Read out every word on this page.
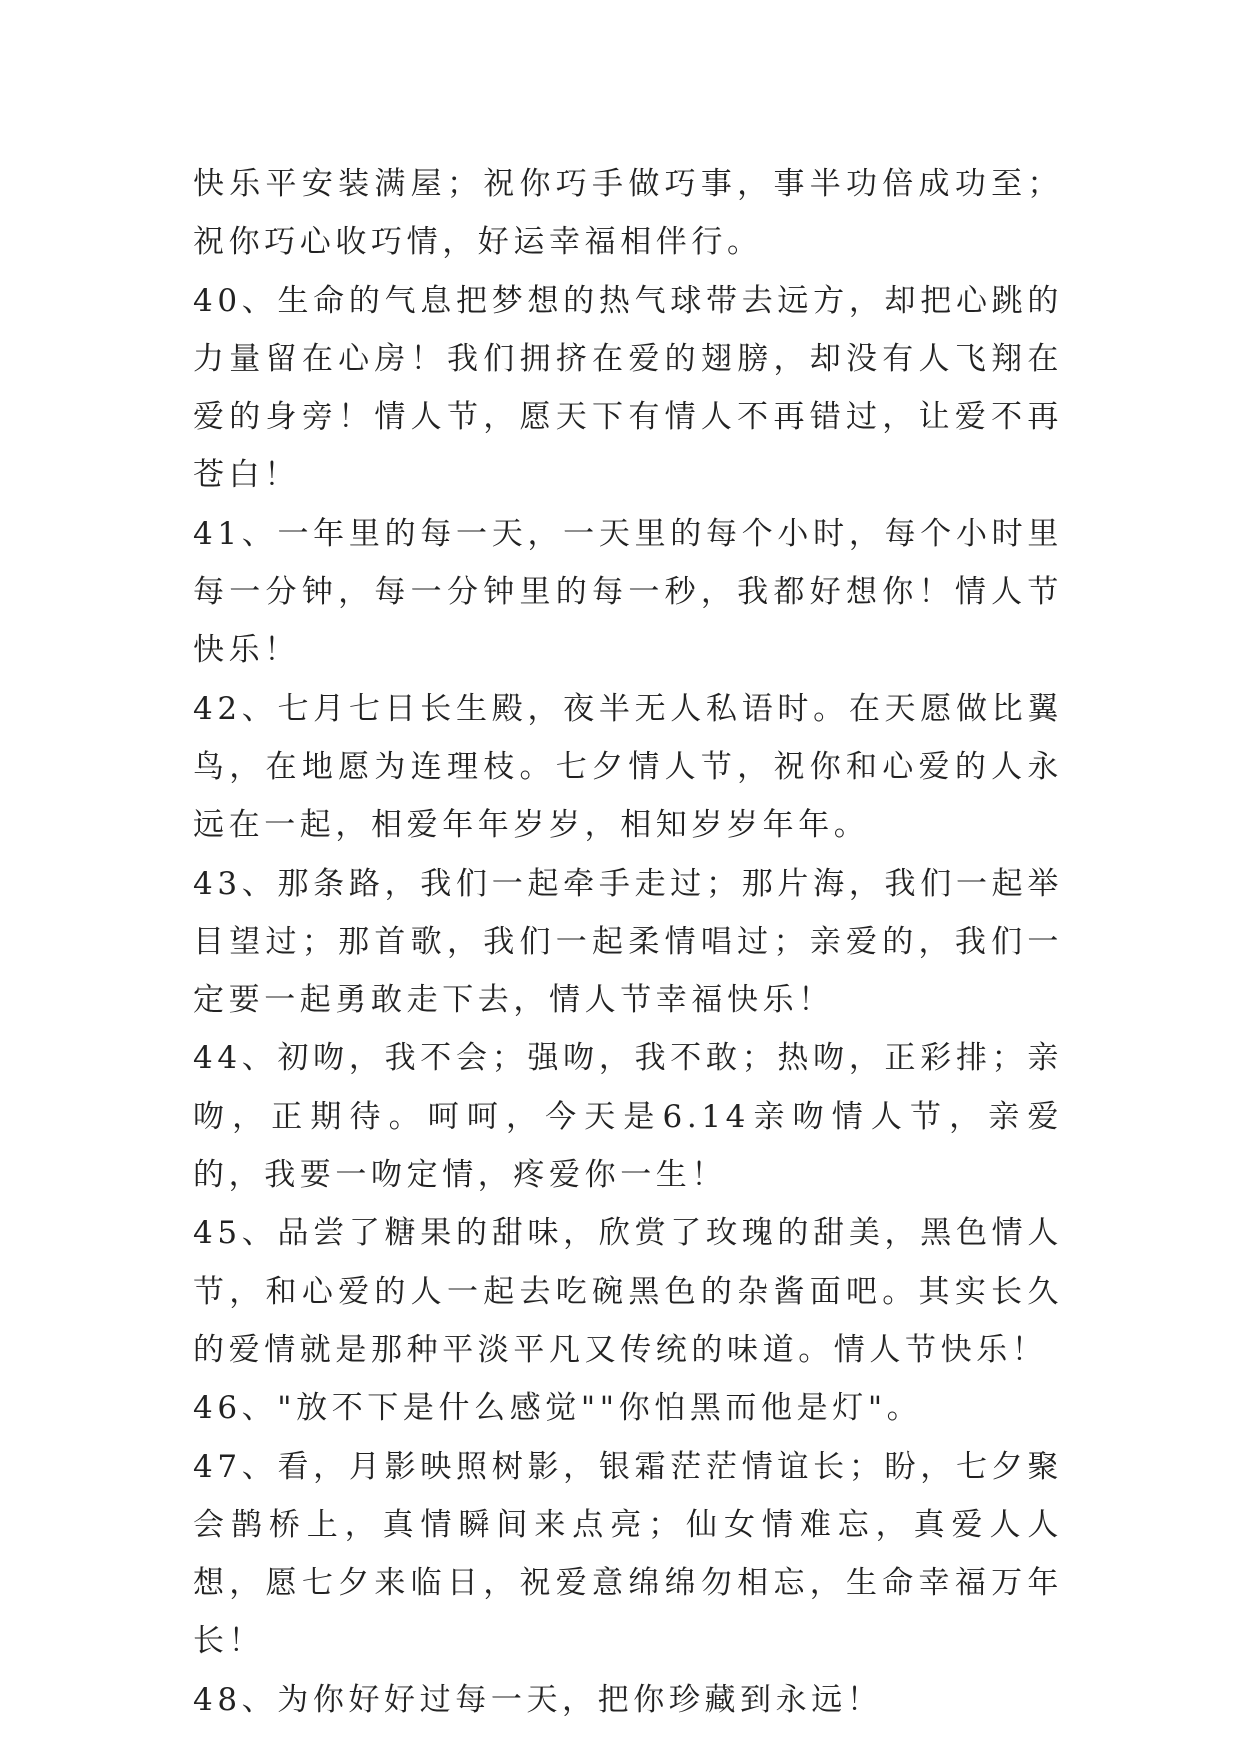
快乐平安装满屋；祝你巧手做巧事，事半功倍成功至；祝你巧心收巧情，好运幸福相伴行。

40、生命的气息把梦想的热气球带去远方，却把心跳的力量留在心房！我们拥挤在爱的翅膀，却没有人飞翔在爱的身旁！情人节，愿天下有情人不再错过，让爱不再苍白！

41、一年里的每一天，一天里的每个小时，每个小时里每一分钟，每一分钟里的每一秒，我都好想你！情人节快乐！

42、七月七日长生殿，夜半无人私语时。在天愿做比翼鸟，在地愿为连理枝。七夕情人节，祝你和心爱的人永远在一起，相爱年年岁岁，相知岁岁年年。

43、那条路，我们一起牵手走过；那片海，我们一起举目望过；那首歌，我们一起柔情唱过；亲爱的，我们一定要一起勇敢走下去，情人节幸福快乐！

44、初吻，我不会；强吻，我不敢；热吻，正彩排；亲吻，正期待。呵呵，今天是6.14亲吻情人节，亲爱的，我要一吻定情，疼爱你一生！

45、品尝了糖果的甜味，欣赏了玫瑰的甜美，黑色情人节，和心爱的人一起去吃碗黑色的杂酱面吧。其实长久的爱情就是那种平淡平凡又传统的味道。情人节快乐！

46、"放不下是什么感觉""你怕黑而他是灯"。

47、看，月影映照树影，银霜茫茫情谊长；盼，七夕聚会鹊桥上，真情瞬间来点亮；仙女情难忘，真爱人人想，愿七夕来临日，祝爱意绵绵勿相忘，生命幸福万年长！

48、为你好好过每一天，把你珍藏到永远！
